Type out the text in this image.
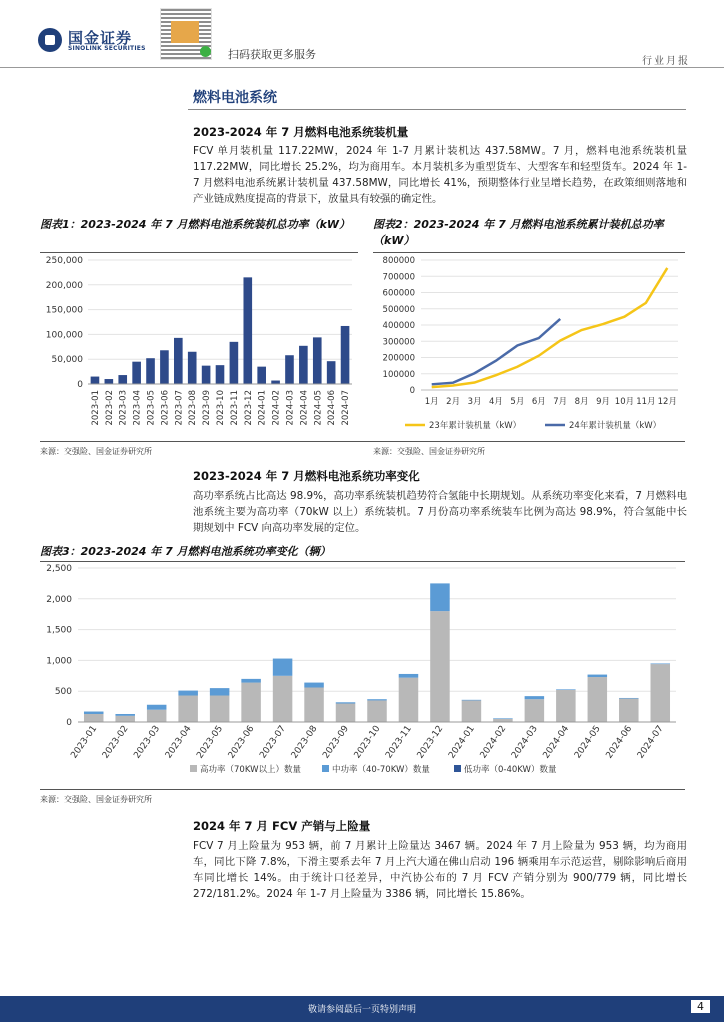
国金证券
SINOLINK SECURITIES	扫码获取更多服务
行业月报
燃料电池系统
2023-2024 年 7 月燃料电池系统装机量
FCV 单月装机量 117.22MW，2024 年 1-7 月累计装机达 437.58MW。7 月，燃料电池系统装机量 117.22MW，同比增长 25.2%，均为商用车。本月装机多为重型货车、大型客车和轻型货车。2024 年 1-7 月燃料电池系统累计装机量 437.58MW，同比增长 41%，预期整体行业呈增长趋势，在政策细则落地和产业链成熟度提高的背景下，放量具有较强的确定性。
图表1：2023-2024 年 7 月燃料电池系统装机总功率（kW）	图表2：2023-2024 年 7 月燃料电池系统累计装机总功率（kW）
0
50,000
100,000
150,000
200,000
250,000
2023-01 2023-02 2023-03 2023-04 2023-05 2023-06 2023-07 2023-08 2023-09 2023-10 2023-11 2023-12 2024-01 2024-02 2024-03 2024-04 2024-05 2024-06 2024-07	0
100000
200000
300000
400000
500000
600000
700000
800000
1月 2月 3月 4月 5月 6月 7月 8月 9月 10月 11月 12月
23年累计装机量（kW）	24年累计装机量（kW）
来源：交强险、国金证券研究所	来源：交强险、国金证券研究所
2023-2024 年 7 月燃料电池系统功率变化
高功率系统占比高达 98.9%，高功率系统装机趋势符合氢能中长期规划。从系统功率变化来看，7 月燃料电池系统主要为高功率（70kW 以上）系统装机。7 月份高功率系统装车比例为高达 98.9%，符合氢能中长期规划中 FCV 向高功率发展的定位。
图表3：2023-2024 年 7 月燃料电池系统功率变化（辆）
0
500
1,000
1,500
2,000
2,500
2023-01 2023-02 2023-03 2023-04 2023-05 2023-06 2023-07 2023-08 2023-09 2023-10 2023-11 2023-12 2024-01 2024-02 2024-03 2024-04 2024-05 2024-06 2024-07
高功率（70KW以上）数量	中功率（40-70KW）数量	低功率（0-40KW）数量
来源：交强险、国金证券研究所
2024 年 7 月 FCV 产销与上险量
FCV 7 月上险量为 953 辆，前 7 月累计上险量达 3467 辆。2024 年 7 月上险量为 953 辆，均为商用车，同比下降 7.8%，下滑主要系去年 7 月上汽大通在佛山启动 196 辆乘用车示范运营，剔除影响后商用车同比增长 14%。由于统计口径差异，中汽协公布的 7 月 FCV 产销分别为 900/779 辆，同比增长 272/181.2%。2024 年 1-7 月上险量为 3386 辆，同比增长 15.86%。
敬请参阅最后一页特别声明	4
